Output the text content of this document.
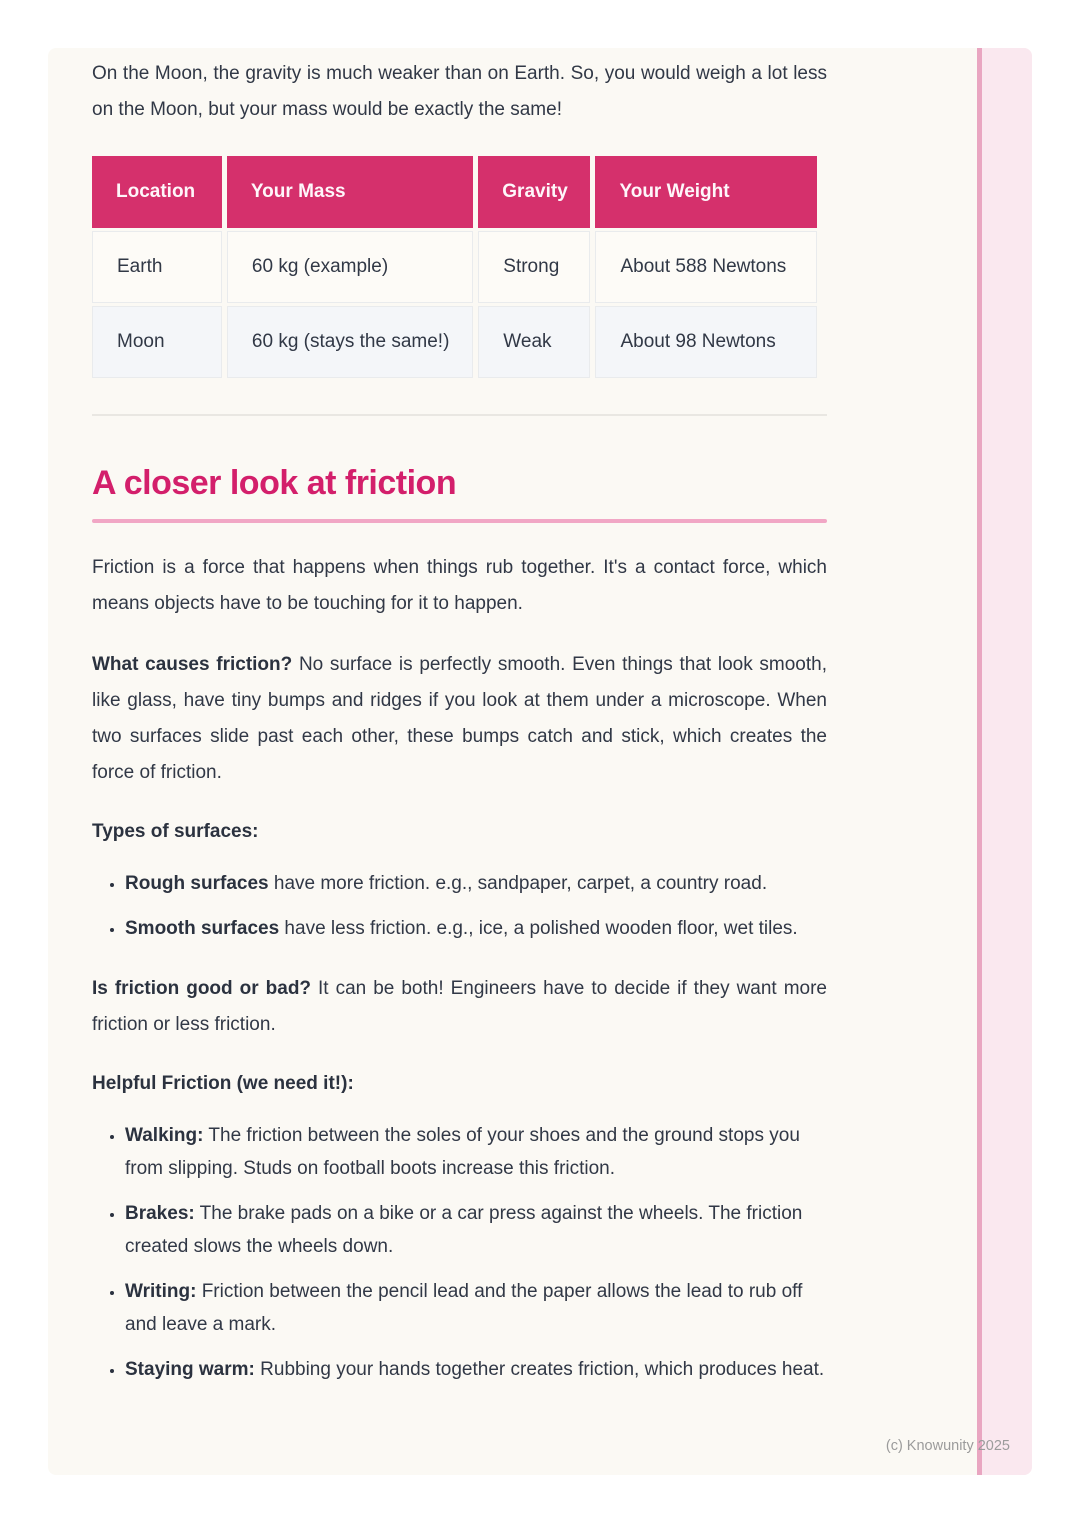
On the Moon, the gravity is much weaker than on Earth. So, you would weigh a lot less on the Moon, but your mass would be exactly the same!

Location	Your Mass	Gravity	Your Weight
Earth	60 kg (example)	Strong	About 588 Newtons
Moon	60 kg (stays the same!)	Weak	About 98 Newtons
A closer look at friction

Friction is a force that happens when things rub together. It's a contact force, which means objects have to be touching for it to happen.

What causes friction? No surface is perfectly smooth. Even things that look smooth, like glass, have tiny bumps and ridges if you look at them under a microscope. When two surfaces slide past each other, these bumps catch and stick, which creates the force of friction.

Types of surfaces:

• Rough surfaces have more friction. e.g., sandpaper, carpet, a country road.
• Smooth surfaces have less friction. e.g., ice, a polished wooden floor, wet tiles.

Is friction good or bad? It can be both! Engineers have to decide if they want more friction or less friction.

Helpful Friction (we need it!):

• Walking: The friction between the soles of your shoes and the ground stops you from slipping. Studs on football boots increase this friction.
• Brakes: The brake pads on a bike or a car press against the wheels. The friction created slows the wheels down.
• Writing: Friction between the pencil lead and the paper allows the lead to rub off and leave a mark.
• Staying warm: Rubbing your hands together creates friction, which produces heat.
(c) Knowunity 2025
